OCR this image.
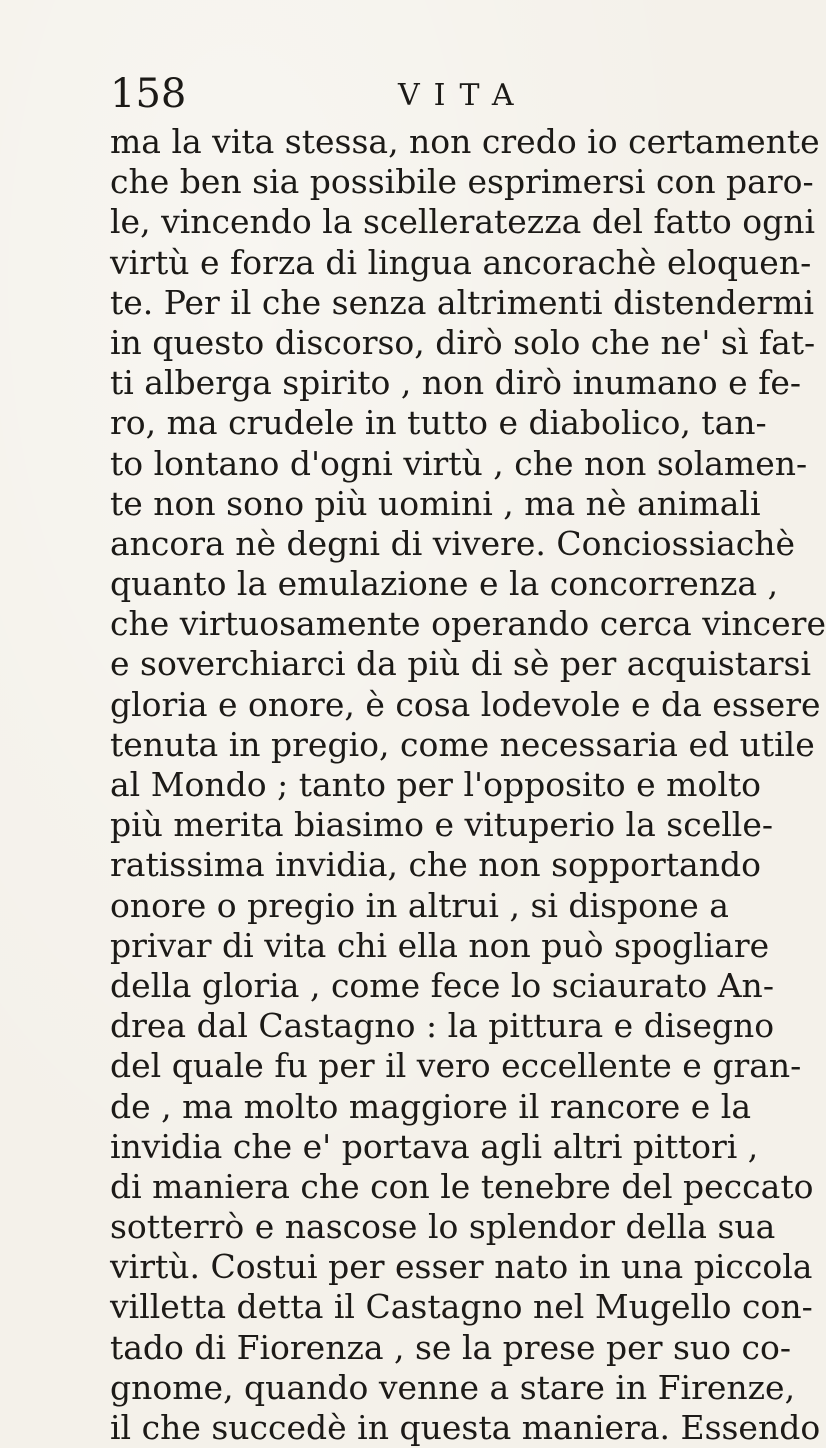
158	VITA
ma la vita stessa, non credo io certamente
che ben sia possibile esprimersi con paro-
le, vincendo la scelleratezza del fatto ogni
virtù e forza di lingua ancorachè eloquen-
te. Per il che senza altrimenti distendermi
in questo discorso, dirò solo che ne' sì fat-
ti alberga spirito , non dirò inumano e fe-
ro, ma crudele in tutto e diabolico, tan-
to lontano d'ogni virtù , che non solamen-
te non sono più uomini , ma nè animali
ancora nè degni di vivere. Conciossiachè
quanto la emulazione e la concorrenza ,
che virtuosamente operando cerca vincere
e soverchiarci da più di sè per acquistarsi
gloria e onore, è cosa lodevole e da essere
tenuta in pregio, come necessaria ed utile
al Mondo ; tanto per l'opposito e molto
più merita biasimo e vituperio la scelle-
ratissima invidia, che non sopportando
onore o pregio in altrui , si dispone a
privar di vita chi ella non può spogliare
della gloria , come fece lo sciaurato An-
drea dal Castagno : la pittura e disegno
del quale fu per il vero eccellente e gran-
de , ma molto maggiore il rancore e la
invidia che e' portava agli altri pittori ,
di maniera che con le tenebre del peccato
sotterrò e nascose lo splendor della sua
virtù. Costui per esser nato in una piccola
villetta detta il Castagno nel Mugello con-
tado di Fiorenza , se la prese per suo co-
gnome, quando venne a stare in Firenze,
il che succedè in questa maniera. Essendo
